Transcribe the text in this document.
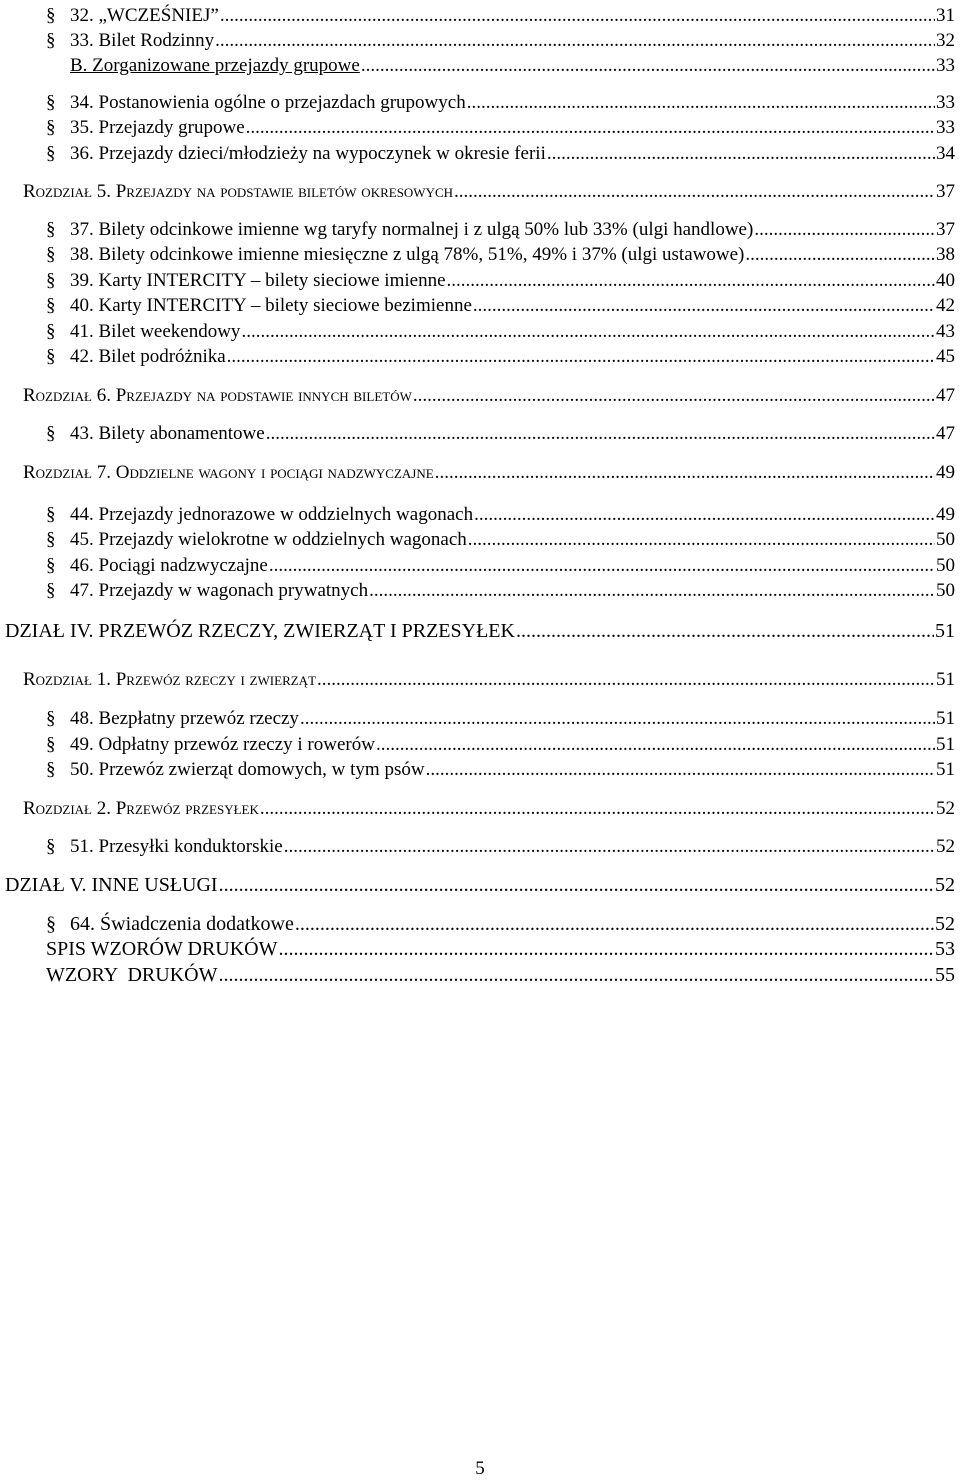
§ 32. „WCZEŚNIEJ” .....	31
§ 33. Bilet Rodzinny .....	32
B. Zorganizowane przejazdy grupowe .....	33
§ 34. Postanowienia ogólne o przejazdach grupowych .....	33
§ 35. Przejazdy grupowe .....	33
§ 36. Przejazdy dzieci/młodzieży na wypoczynek w okresie ferii .....	34
Rozdział 5. Przejazdy na podstawie biletów okresowych .....	37
§ 37. Bilety odcinkowe imienne wg taryfy normalnej i z ulgą 50% lub 33% (ulgi handlowe) .....	37
§ 38. Bilety odcinkowe imienne miesięczne z ulgą 78%, 51%, 49% i 37% (ulgi ustawowe) .....	38
§ 39. Karty INTERCITY – bilety sieciowe imienne .....	40
§ 40. Karty INTERCITY – bilety sieciowe bezimienne .....	42
§ 41. Bilet weekendowy .....	43
§ 42. Bilet podróżnika .....	45
Rozdział 6. Przejazdy na podstawie innych biletów .....	47
§ 43. Bilety abonamentowe .....	47
Rozdział 7. Oddzielne wagony i pociągi nadzwyczajne .....	49
§ 44. Przejazdy jednorazowe w oddzielnych wagonach .....	49
§ 45. Przejazdy wielokrotne w oddzielnych wagonach .....	50
§ 46. Pociągi nadzwyczajne .....	50
§ 47. Przejazdy w wagonach prywatnych .....	50
DZIAŁ IV. PRZEWÓZ RZECZY, ZWIERZĄT I PRZESYŁEK .....	51
Rozdział 1. Przewóz rzeczy i zwierząt .....	51
§ 48. Bezpłatny przewóz rzeczy .....	51
§ 49. Odpłatny przewóz rzeczy i rowerów .....	51
§ 50. Przewóz zwierząt domowych, w tym psów .....	51
Rozdział 2. Przewóz przesyłek .....	52
§ 51. Przesyłki konduktorskie .....	52
DZIAŁ V. INNE USŁUGI .....	52
§ 64. Świadczenia dodatkowe .....	52
SPIS WZORÓW DRUKÓW .....	53
WZORY  DRUKÓW .....	55
5
